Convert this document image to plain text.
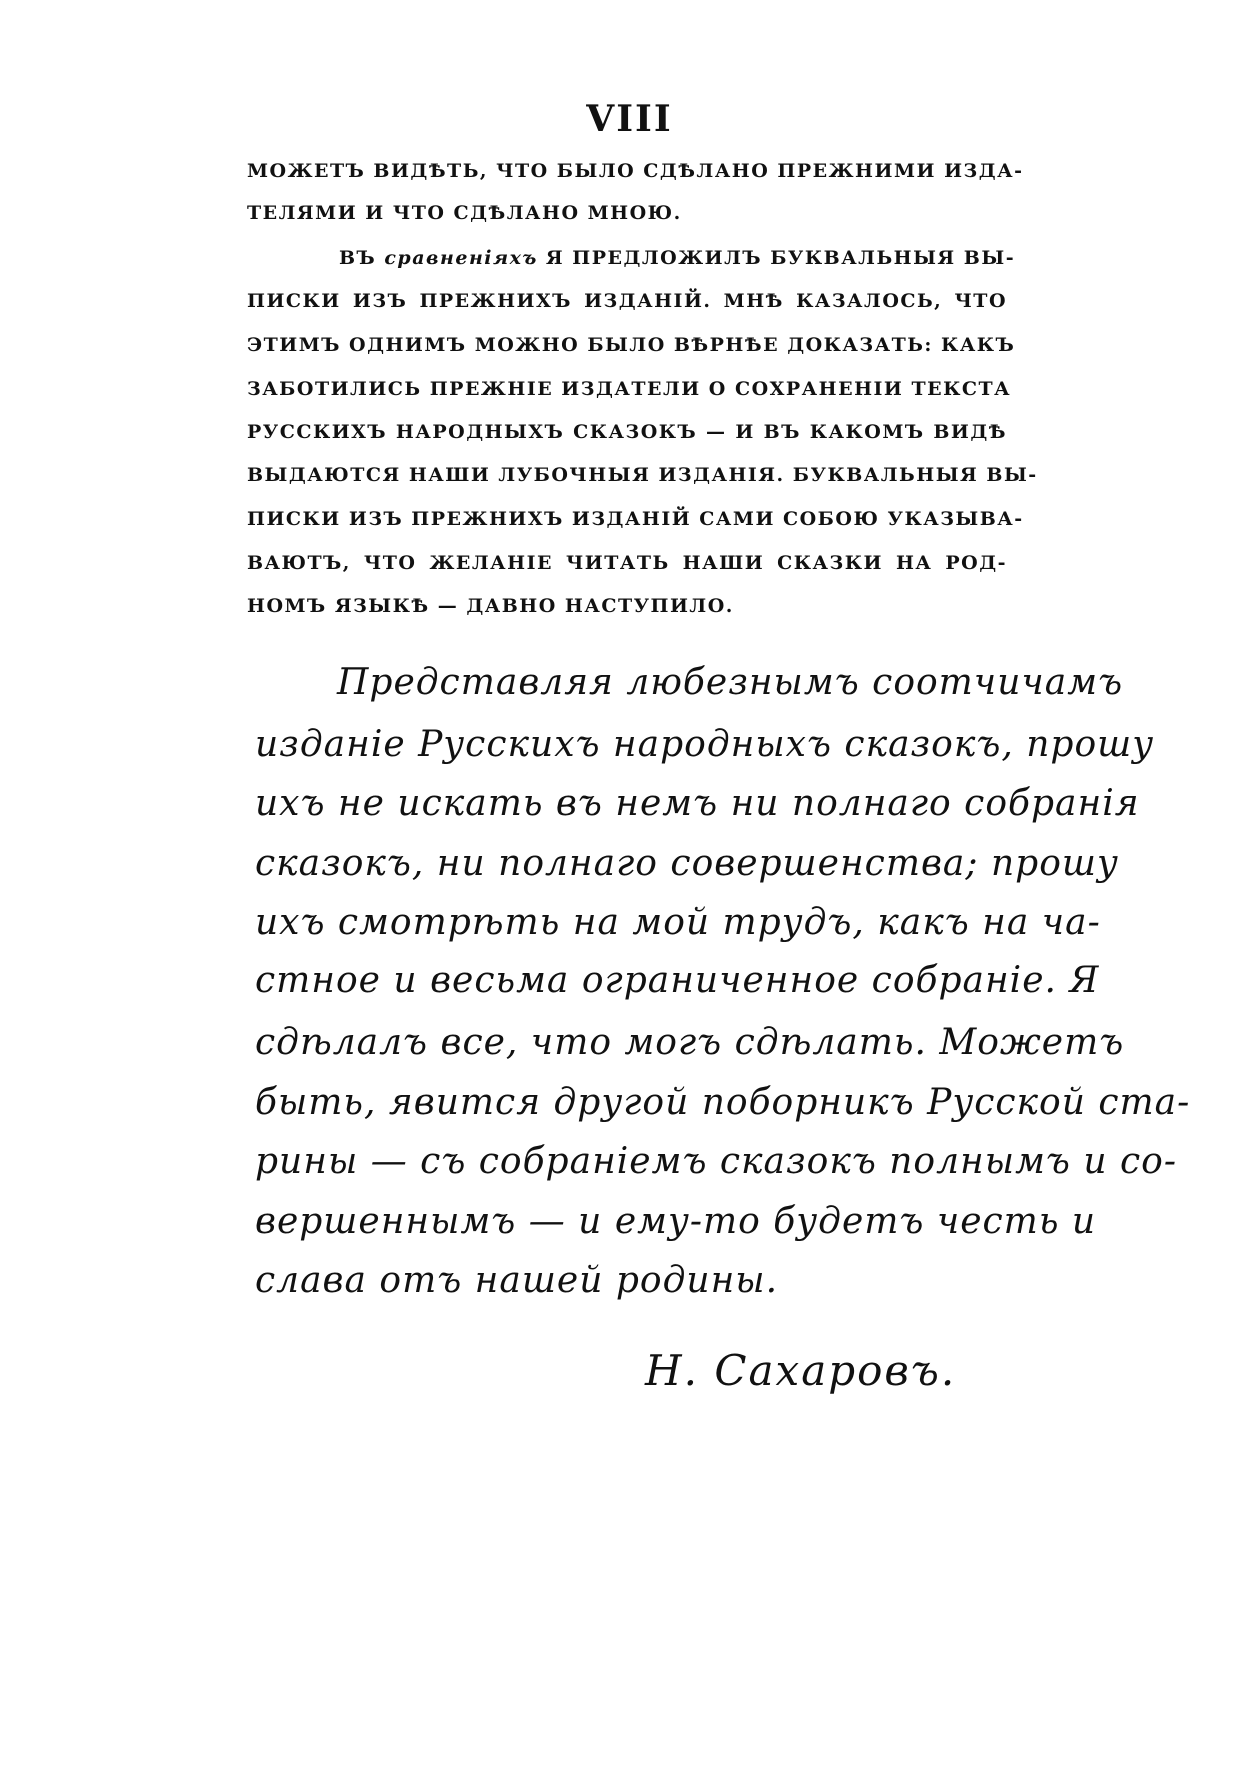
VIII
МОЖЕТЪ ВИДѢТЬ, ЧТО БЫЛО СДѢЛАНО ПРЕЖНИМИ ИЗДА-
ТЕЛЯМИ И ЧТО СДѢЛАНО МНОЮ.
ВЪ сравненіяхъ Я ПРЕДЛОЖИЛЪ БУКВАЛЬНЫЯ ВЫ-
ПИСКИ ИЗЪ ПРЕЖНИХЪ ИЗДАНІЙ. МНѢ КАЗАЛОСЬ, ЧТО
ЭТИМЪ ОДНИМЪ МОЖНО БЫЛО ВѢРНѢЕ ДОКАЗАТЬ: КАКЪ
ЗАБОТИЛИСЬ ПРЕЖНІЕ ИЗДАТЕЛИ О СОХРАНЕНІИ ТЕКСТА
РУССКИХЪ НАРОДНЫХЪ СКАЗОКЪ — И ВЪ КАКОМЪ ВИДѢ
ВЫДАЮТСЯ НАШИ ЛУБОЧНЫЯ ИЗДАНІЯ. БУКВАЛЬНЫЯ ВЫ-
ПИСКИ ИЗЪ ПРЕЖНИХЪ ИЗДАНІЙ САМИ СОБОЮ УКАЗЫВА-
ВАЮТЪ, ЧТО ЖЕЛАНІЕ ЧИТАТЬ НАШИ СКАЗКИ НА РОД-
НОМЪ ЯЗЫКѢ — ДАВНО НАСТУПИЛО.
Представляя любезнымъ соотчичамъ
изданіе Русскихъ народныхъ сказокъ, прошу
ихъ не искать въ немъ ни полнаго собранія
сказокъ, ни полнаго совершенства; прошу
ихъ смотрѣть на мой трудъ, какъ на ча-
стное и весьма ограниченное собраніе. Я
сдѣлалъ все, что могъ сдѣлать. Можетъ
быть, явится другой поборникъ Русской ста-
рины — съ собраніемъ сказокъ полнымъ и со-
вершеннымъ — и ему-то будетъ честь и
слава отъ нашей родины.
Н. Сахаровъ.
